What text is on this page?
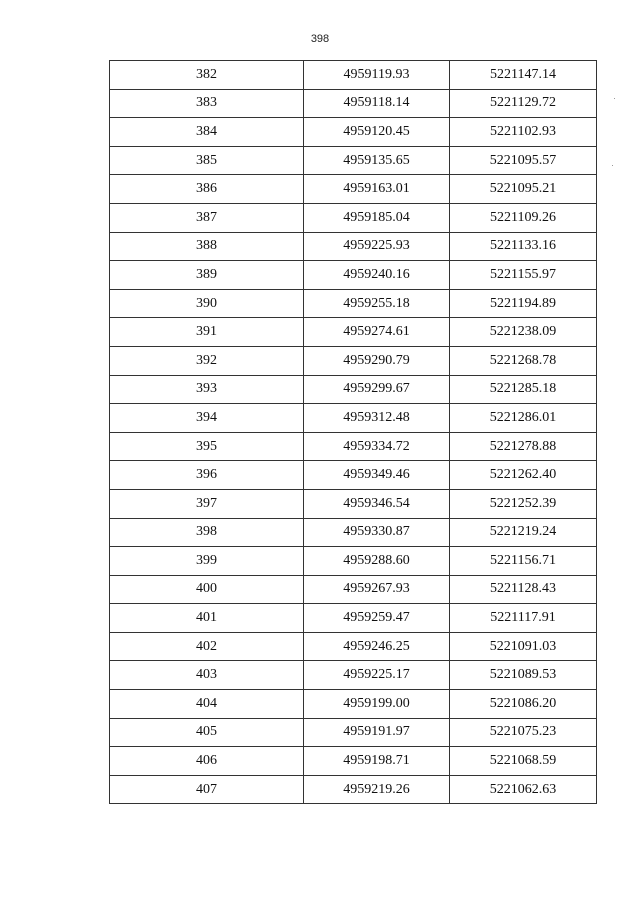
398
382	4959119.93	5221147.14
383	4959118.14	5221129.72
384	4959120.45	5221102.93
385	4959135.65	5221095.57
386	4959163.01	5221095.21
387	4959185.04	5221109.26
388	4959225.93	5221133.16
389	4959240.16	5221155.97
390	4959255.18	5221194.89
391	4959274.61	5221238.09
392	4959290.79	5221268.78
393	4959299.67	5221285.18
394	4959312.48	5221286.01
395	4959334.72	5221278.88
396	4959349.46	5221262.40
397	4959346.54	5221252.39
398	4959330.87	5221219.24
399	4959288.60	5221156.71
400	4959267.93	5221128.43
401	4959259.47	5221117.91
402	4959246.25	5221091.03
403	4959225.17	5221089.53
404	4959199.00	5221086.20
405	4959191.97	5221075.23
406	4959198.71	5221068.59
407	4959219.26	5221062.63
